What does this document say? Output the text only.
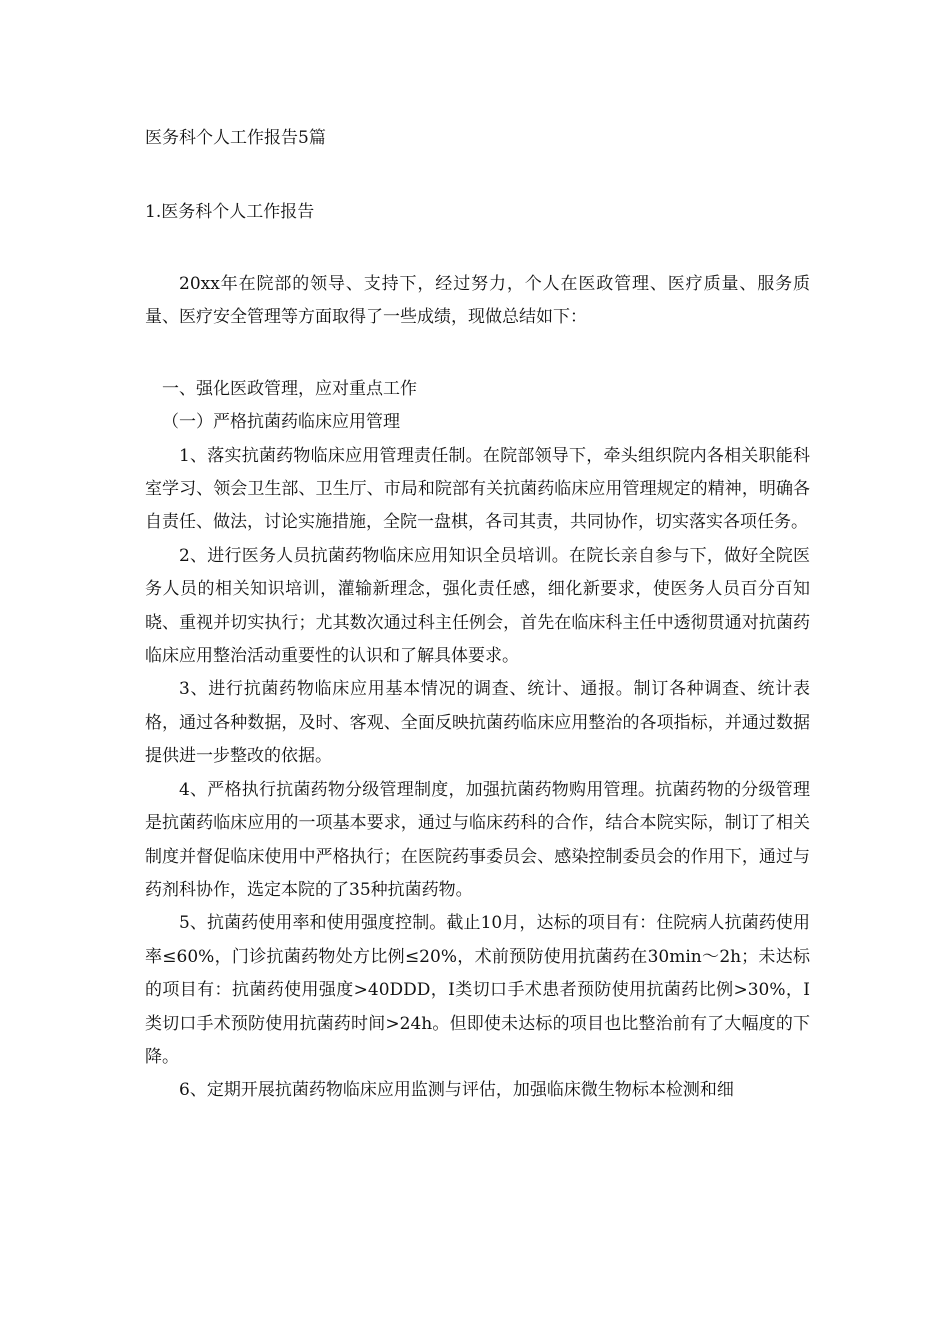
医务科个人工作报告5篇
1.医务科个人工作报告

20xx年在院部的领导、支持下，经过努力，个人在医政管理、医疗质量、服务质量、医疗安全管理等方面取得了一些成绩，现做总结如下：

一、强化医政管理，应对重点工作

（一）严格抗菌药临床应用管理

1、落实抗菌药物临床应用管理责任制。在院部领导下，牵头组织院内各相关职能科室学习、领会卫生部、卫生厅、市局和院部有关抗菌药临床应用管理规定的精神，明确各自责任、做法，讨论实施措施，全院一盘棋，各司其责，共同协作，切实落实各项任务。

2、进行医务人员抗菌药物临床应用知识全员培训。在院长亲自参与下，做好全院医务人员的相关知识培训，灌输新理念，强化责任感，细化新要求，使医务人员百分百知晓、重视并切实执行；尤其数次通过科主任例会，首先在临床科主任中透彻贯通对抗菌药临床应用整治活动重要性的认识和了解具体要求。

3、进行抗菌药物临床应用基本情况的调查、统计、通报。制订各种调查、统计表格，通过各种数据，及时、客观、全面反映抗菌药临床应用整治的各项指标，并通过数据提供进一步整改的依据。

4、严格执行抗菌药物分级管理制度，加强抗菌药物购用管理。抗菌药物的分级管理是抗菌药临床应用的一项基本要求，通过与临床药科的合作，结合本院实际，制订了相关制度并督促临床使用中严格执行；在医院药事委员会、感染控制委员会的作用下，通过与药剂科协作，选定本院的了35种抗菌药物。

5、抗菌药使用率和使用强度控制。截止10月，达标的项目有：住院病人抗菌药使用率≤60%，门诊抗菌药物处方比例≤20%，术前预防使用抗菌药在30min～2h；未达标的项目有：抗菌药使用强度>40DDD，I类切口手术患者预防使用抗菌药比例>30%，I类切口手术预防使用抗菌药时间>24h。但即使未达标的项目也比整治前有了大幅度的下降。

6、定期开展抗菌药物临床应用监测与评估，加强临床微生物标本检测和细
